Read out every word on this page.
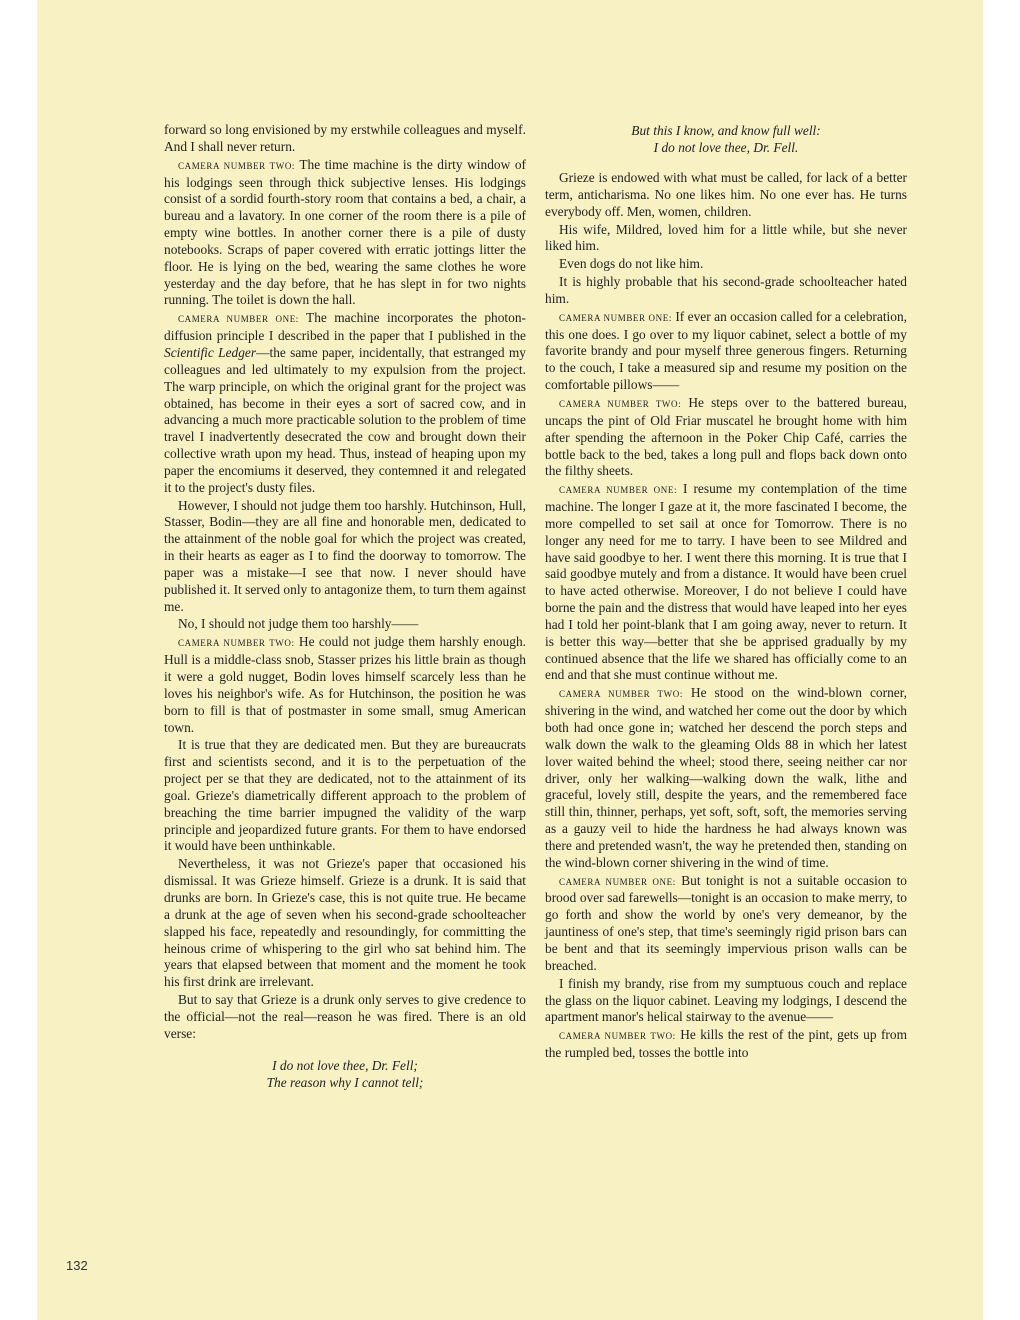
forward so long envisioned by my erstwhile colleagues and myself. And I shall never return.

CAMERA NUMBER TWO: The time machine is the dirty window of his lodgings seen through thick subjective lenses. His lodgings consist of a sordid fourth-story room that contains a bed, a chair, a bureau and a lavatory. In one corner of the room there is a pile of empty wine bottles. In another corner there is a pile of dusty notebooks. Scraps of paper covered with erratic jottings litter the floor. He is lying on the bed, wearing the same clothes he wore yesterday and the day before, that he has slept in for two nights running. The toilet is down the hall.

CAMERA NUMBER ONE: The machine incorporates the photon-diffusion principle I described in the paper that I published in the Scientific Ledger—the same paper, incidentally, that estranged my colleagues and led ultimately to my expulsion from the project. The warp principle, on which the original grant for the project was obtained, has become in their eyes a sort of sacred cow, and in advancing a much more practicable solution to the problem of time travel I inadvertently desecrated the cow and brought down their collective wrath upon my head. Thus, instead of heaping upon my paper the encomiums it deserved, they contemned it and relegated it to the project's dusty files.

However, I should not judge them too harshly. Hutchinson, Hull, Stasser, Bodin—they are all fine and honorable men, dedicated to the attainment of the noble goal for which the project was created, in their hearts as eager as I to find the doorway to tomorrow. The paper was a mistake—I see that now. I never should have published it. It served only to antagonize them, to turn them against me.

No, I should not judge them too harshly——

CAMERA NUMBER TWO: He could not judge them harshly enough. Hull is a middle-class snob, Stasser prizes his little brain as though it were a gold nugget, Bodin loves himself scarcely less than he loves his neighbor's wife. As for Hutchinson, the position he was born to fill is that of postmaster in some small, smug American town.

It is true that they are dedicated men. But they are bureaucrats first and scientists second, and it is to the perpetuation of the project per se that they are dedicated, not to the attainment of its goal. Grieze's diametrically different approach to the problem of breaching the time barrier impugned the validity of the warp principle and jeopardized future grants. For them to have endorsed it would have been unthinkable.

Nevertheless, it was not Grieze's paper that occasioned his dismissal. It was Grieze himself. Grieze is a drunk. It is said that drunks are born. In Grieze's case, this is not quite true. He became a drunk at the age of seven when his second-grade schoolteacher slapped his face, repeatedly and resoundingly, for committing the heinous crime of whispering to the girl who sat behind him. The years that elapsed between that moment and the moment he took his first drink are irrelevant.

But to say that Grieze is a drunk only serves to give credence to the official—not the real—reason he was fired. There is an old verse:

I do not love thee, Dr. Fell;
The reason why I cannot tell;
But this I know, and know full well:
I do not love thee, Dr. Fell.

Grieze is endowed with what must be called, for lack of a better term, anticharisma. No one likes him. No one ever has. He turns everybody off. Men, women, children.

His wife, Mildred, loved him for a little while, but she never liked him.

Even dogs do not like him.

It is highly probable that his second-grade schoolteacher hated him.

CAMERA NUMBER ONE: If ever an occasion called for a celebration, this one does. I go over to my liquor cabinet, select a bottle of my favorite brandy and pour myself three generous fingers. Returning to the couch, I take a measured sip and resume my position on the comfortable pillows——

CAMERA NUMBER TWO: He steps over to the battered bureau, uncaps the pint of Old Friar muscatel he brought home with him after spending the afternoon in the Poker Chip Café, carries the bottle back to the bed, takes a long pull and flops back down onto the filthy sheets.

CAMERA NUMBER ONE: I resume my contemplation of the time machine. The longer I gaze at it, the more fascinated I become, the more compelled to set sail at once for Tomorrow. There is no longer any need for me to tarry. I have been to see Mildred and have said goodbye to her. I went there this morning. It is true that I said goodbye mutely and from a distance. It would have been cruel to have acted otherwise. Moreover, I do not believe I could have borne the pain and the distress that would have leaped into her eyes had I told her point-blank that I am going away, never to return. It is better this way—better that she be apprised gradually by my continued absence that the life we shared has officially come to an end and that she must continue without me.

CAMERA NUMBER TWO: He stood on the wind-blown corner, shivering in the wind, and watched her come out the door by which both had once gone in; watched her descend the porch steps and walk down the walk to the gleaming Olds 88 in which her latest lover waited behind the wheel; stood there, seeing neither car nor driver, only her walking—walking down the walk, lithe and graceful, lovely still, despite the years, and the remembered face still thin, thinner, perhaps, yet soft, soft, soft, the memories serving as a gauzy veil to hide the hardness he had always known was there and pretended wasn't, the way he pretended then, standing on the wind-blown corner shivering in the wind of time.

CAMERA NUMBER ONE: But tonight is not a suitable occasion to brood over sad farewells—tonight is an occasion to make merry, to go forth and show the world by one's very demeanor, by the jauntiness of one's step, that time's seemingly rigid prison bars can be bent and that its seemingly impervious prison walls can be breached.

I finish my brandy, rise from my sumptuous couch and replace the glass on the liquor cabinet. Leaving my lodgings, I descend the apartment manor's helical stairway to the avenue——

CAMERA NUMBER TWO: He kills the rest of the pint, gets up from the rumpled bed, tosses the bottle into

132
